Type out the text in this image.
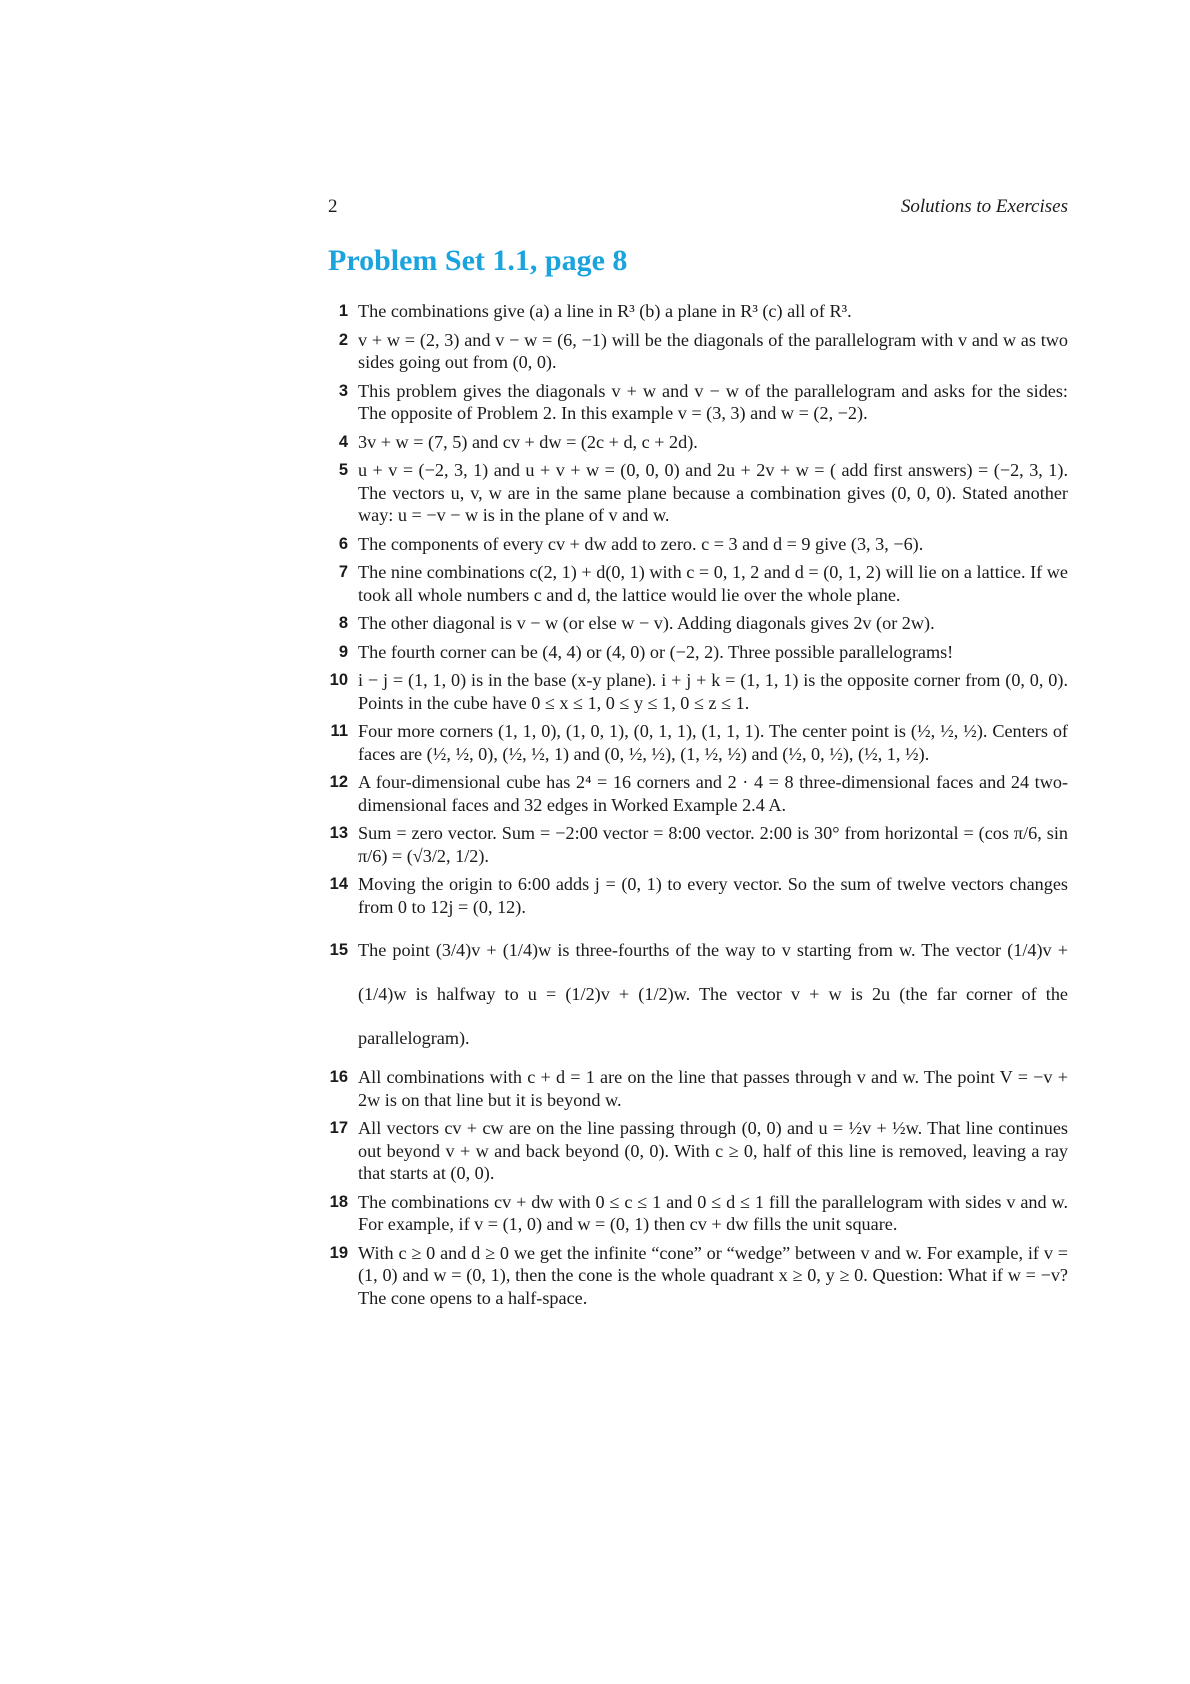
2	Solutions to Exercises
Problem Set 1.1, page 8
1 The combinations give (a) a line in R³ (b) a plane in R³ (c) all of R³.
2 v + w = (2, 3) and v − w = (6, −1) will be the diagonals of the parallelogram with v and w as two sides going out from (0, 0).
3 This problem gives the diagonals v + w and v − w of the parallelogram and asks for the sides: The opposite of Problem 2. In this example v = (3, 3) and w = (2, −2).
4 3v + w = (7, 5) and cv + dw = (2c + d, c + 2d).
5 u + v = (−2, 3, 1) and u + v + w = (0, 0, 0) and 2u + 2v + w = ( add first answers) = (−2, 3, 1). The vectors u, v, w are in the same plane because a combination gives (0, 0, 0). Stated another way: u = −v − w is in the plane of v and w.
6 The components of every cv + dw add to zero. c = 3 and d = 9 give (3, 3, −6).
7 The nine combinations c(2, 1) + d(0, 1) with c = 0, 1, 2 and d = (0, 1, 2) will lie on a lattice. If we took all whole numbers c and d, the lattice would lie over the whole plane.
8 The other diagonal is v − w (or else w − v). Adding diagonals gives 2v (or 2w).
9 The fourth corner can be (4, 4) or (4, 0) or (−2, 2). Three possible parallelograms!
10 i − j = (1, 1, 0) is in the base (x-y plane). i + j + k = (1, 1, 1) is the opposite corner from (0, 0, 0). Points in the cube have 0 ≤ x ≤ 1, 0 ≤ y ≤ 1, 0 ≤ z ≤ 1.
11 Four more corners (1, 1, 0), (1, 0, 1), (0, 1, 1), (1, 1, 1). The center point is (½, ½, ½). Centers of faces are (½, ½, 0), (½, ½, 1) and (0, ½, ½), (1, ½, ½) and (½, 0, ½), (½, 1, ½).
12 A four-dimensional cube has 2⁴ = 16 corners and 2 · 4 = 8 three-dimensional faces and 24 two-dimensional faces and 32 edges in Worked Example 2.4 A.
13 Sum = zero vector. Sum = −2:00 vector = 8:00 vector. 2:00 is 30° from horizontal = (cos π/6, sin π/6) = (√3/2, 1/2).
14 Moving the origin to 6:00 adds j = (0, 1) to every vector. So the sum of twelve vectors changes from 0 to 12j = (0, 12).
15 The point (3/4)v + (1/4)w is three-fourths of the way to v starting from w. The vector (1/4)v + (1/4)w is halfway to u = (1/2)v + (1/2)w. The vector v + w is 2u (the far corner of the parallelogram).
16 All combinations with c + d = 1 are on the line that passes through v and w. The point V = −v + 2w is on that line but it is beyond w.
17 All vectors cv + cw are on the line passing through (0, 0) and u = ½v + ½w. That line continues out beyond v + w and back beyond (0, 0). With c ≥ 0, half of this line is removed, leaving a ray that starts at (0, 0).
18 The combinations cv + dw with 0 ≤ c ≤ 1 and 0 ≤ d ≤ 1 fill the parallelogram with sides v and w. For example, if v = (1, 0) and w = (0, 1) then cv + dw fills the unit square.
19 With c ≥ 0 and d ≥ 0 we get the infinite “cone” or “wedge” between v and w. For example, if v = (1, 0) and w = (0, 1), then the cone is the whole quadrant x ≥ 0, y ≥ 0. Question: What if w = −v? The cone opens to a half-space.
